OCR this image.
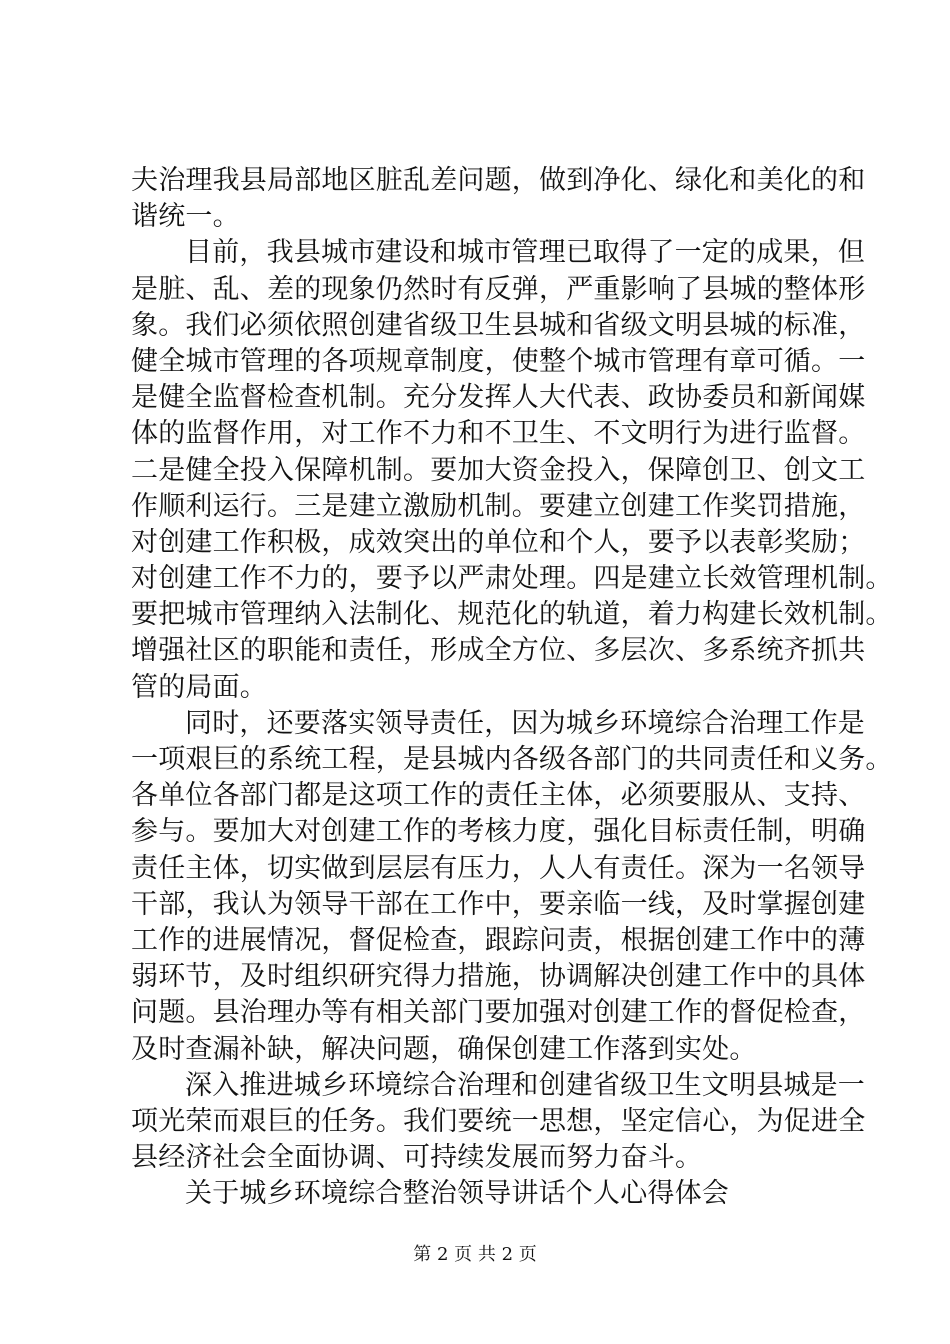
夫治理我县局部地区脏乱差问题，做到净化、绿化和美化的和
谐统一。
目前，我县城市建设和城市管理已取得了一定的成果，但
是脏、乱、差的现象仍然时有反弹，严重影响了县城的整体形
象。我们必须依照创建省级卫生县城和省级文明县城的标准，
健全城市管理的各项规章制度，使整个城市管理有章可循。一
是健全监督检查机制。充分发挥人大代表、政协委员和新闻媒
体的监督作用，对工作不力和不卫生、不文明行为进行监督。
二是健全投入保障机制。要加大资金投入，保障创卫、创文工
作顺利运行。三是建立激励机制。要建立创建工作奖罚措施，
对创建工作积极，成效突出的单位和个人，要予以表彰奖励；
对创建工作不力的，要予以严肃处理。四是建立长效管理机制。
要把城市管理纳入法制化、规范化的轨道，着力构建长效机制。
增强社区的职能和责任，形成全方位、多层次、多系统齐抓共
管的局面。
同时，还要落实领导责任，因为城乡环境综合治理工作是
一项艰巨的系统工程，是县城内各级各部门的共同责任和义务。
各单位各部门都是这项工作的责任主体，必须要服从、支持、
参与。要加大对创建工作的考核力度，强化目标责任制，明确
责任主体，切实做到层层有压力，人人有责任。深为一名领导
干部，我认为领导干部在工作中，要亲临一线，及时掌握创建
工作的进展情况，督促检查，跟踪问责，根据创建工作中的薄
弱环节，及时组织研究得力措施，协调解决创建工作中的具体
问题。县治理办等有相关部门要加强对创建工作的督促检查，
及时查漏补缺，解决问题，确保创建工作落到实处。
深入推进城乡环境综合治理和创建省级卫生文明县城是一
项光荣而艰巨的任务。我们要统一思想，坚定信心，为促进全
县经济社会全面协调、可持续发展而努力奋斗。
关于城乡环境综合整治领导讲话个人心得体会
第 2 页 共 2 页
